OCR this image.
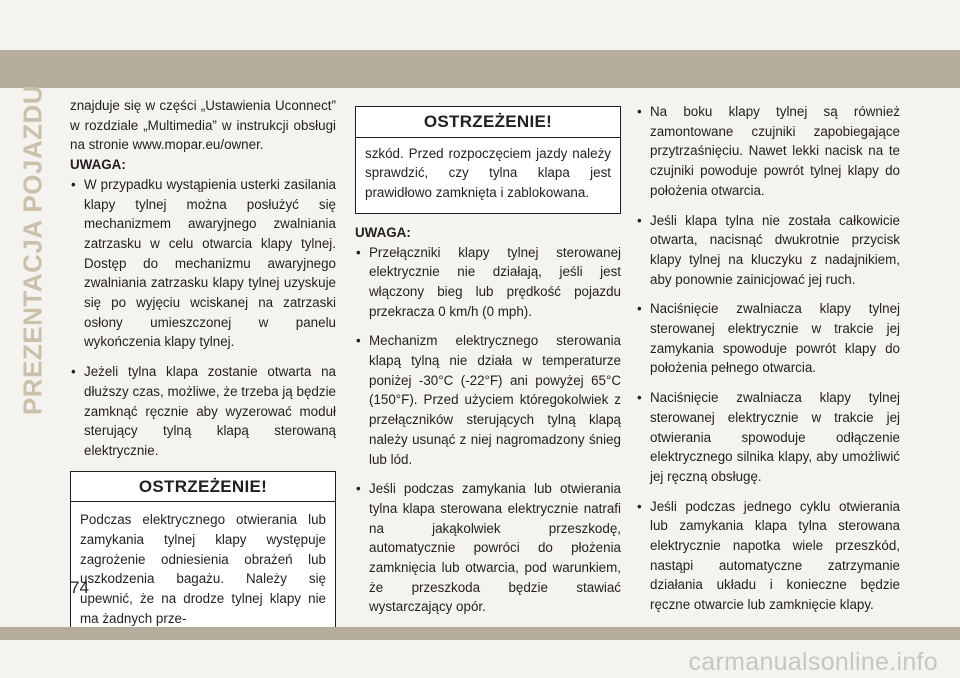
PREZENTACJA POJAZDU znajduje się w części „Ustawienia Uconnect” w rozdziale „Multimedia” w instrukcji obsługi na stronie www.mopar.eu/owner.

UWAGA:

• W przypadku wystąpienia usterki zasilania klapy tylnej można posłużyć się mechanizmem awaryjnego zwalniania zatrzasku w celu otwarcia klapy tylnej. Dostęp do mechanizmu awaryjnego zwalniania zatrzasku klapy tylnej uzyskuje się po wyjęciu wciskanej na zatrzaski osłony umieszczonej w panelu wykończenia klapy tylnej.
• Jeżeli tylna klapa zostanie otwarta na dłuższy czas, możliwe, że trzeba ją będzie zamknąć ręcznie aby wyzerować moduł sterujący tylną klapą sterowaną elektrycznie.
OSTRZEŻENIE!
Podczas elektrycznego otwierania lub zamykania tylnej klapy występuje zagrożenie odniesienia obrażeń lub uszkodzenia bagażu. Należy się upewnić, że na drodze tylnej klapy nie ma żadnych prze-
OSTRZEŻENIE!
szkód. Przed rozpoczęciem jazdy należy sprawdzić, czy tylna klapa jest prawidłowo zamknięta i zablokowana.

UWAGA:

• Przełączniki klapy tylnej sterowanej elektrycznie nie działają, jeśli jest włączony bieg lub prędkość pojazdu przekracza 0 km/h (0 mph).
• Mechanizm elektrycznego sterowania klapą tylną nie działa w temperaturze poniżej -30°C (-22°F) ani powyżej 65°C (150°F). Przed użyciem któregokolwiek z przełączników sterujących tylną klapą należy usunąć z niej nagromadzony śnieg lub lód.
• Jeśli podczas zamykania lub otwierania tylna klapa sterowana elektrycznie natrafi na jakąkolwiek przeszkodę, automatycznie powróci do płożenia zamknięcia lub otwarcia, pod warunkiem, że przeszkoda będzie stawiać wystarczający opór.
• Na boku klapy tylnej są również zamontowane czujniki zapobiegające przytrzaśnięciu. Nawet lekki nacisk na te czujniki powoduje powrót tylnej klapy do położenia otwarcia.
• Jeśli klapa tylna nie została całkowicie otwarta, nacisnąć dwukrotnie przycisk klapy tylnej na kluczyku z nadajnikiem, aby ponownie zainicjować jej ruch.
• Naciśnięcie zwalniacza klapy tylnej sterowanej elektrycznie w trakcie jej zamykania spowoduje powrót klapy do położenia pełnego otwarcia.
• Naciśnięcie zwalniacza klapy tylnej sterowanej elektrycznie w trakcie jej otwierania spowoduje odłączenie elektrycznego silnika klapy, aby umożliwić jej ręczną obsługę.
• Jeśli podczas jednego cyklu otwierania lub zamykania klapa tylna sterowana elektrycznie napotka wiele przeszkód, nastąpi automatyczne zatrzymanie działania układu i konieczne będzie ręczne otwarcie lub zamknięcie klapy.
74
carmanualsonline.info
